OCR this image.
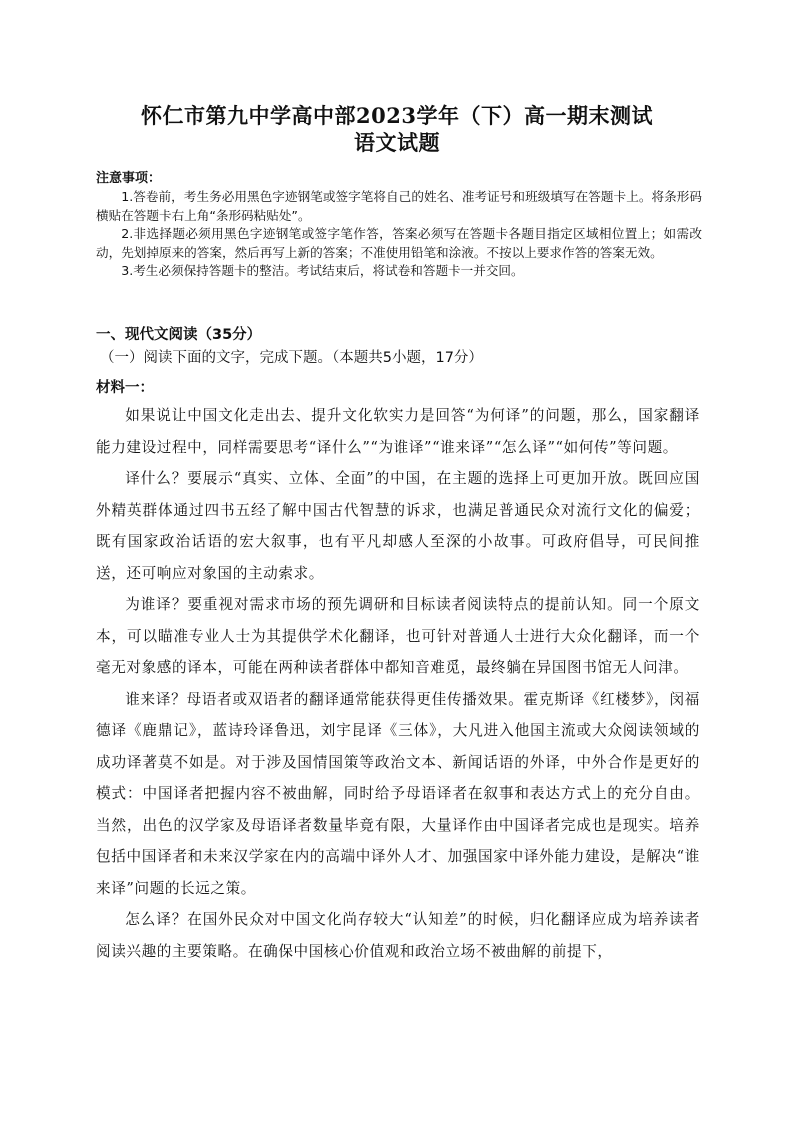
怀仁市第九中学高中部2023学年（下）高一期末测试
语文试题
注意事项：

1.答卷前，考生务必用黑色字迹钢笔或签字笔将自己的姓名、准考证号和班级填写在答题卡上。将条形码横贴在答题卡右上角“条形码粘贴处”。

2.非选择题必须用黑色字迹钢笔或签字笔作答，答案必须写在答题卡各题目指定区域相位置上；如需改动，先划掉原来的答案，然后再写上新的答案；不准使用铅笔和涂液。不按以上要求作答的答案无效。

3.考生必须保持答题卡的整洁。考试结束后，将试卷和答题卡一并交回。

一、现代文阅读（35分）
（一）阅读下面的文字，完成下题。（本题共5小题，17分）
材料一：

如果说让中国文化走出去、提升文化软实力是回答“为何译”的问题，那么，国家翻译能力建设过程中，同样需要思考“译什么”“为谁译”“谁来译”“怎么译”“如何传”等问题。

译什么？要展示“真实、立体、全面”的中国，在主题的选择上可更加开放。既回应国外精英群体通过四书五经了解中国古代智慧的诉求，也满足普通民众对流行文化的偏爱；既有国家政治话语的宏大叙事，也有平凡却感人至深的小故事。可政府倡导，可民间推送，还可响应对象国的主动索求。

为谁译？要重视对需求市场的预先调研和目标读者阅读特点的提前认知。同一个原文本，可以瞄准专业人士为其提供学术化翻译，也可针对普通人士进行大众化翻译，而一个毫无对象感的译本，可能在两种读者群体中都知音难觅，最终躺在异国图书馆无人问津。

谁来译？母语者或双语者的翻译通常能获得更佳传播效果。霍克斯译《红楼梦》，闵福德译《鹿鼎记》，蓝诗玲译鲁迅，刘宇昆译《三体》，大凡进入他国主流或大众阅读领域的成功译著莫不如是。对于涉及国情国策等政治文本、新闻话语的外译，中外合作是更好的模式：中国译者把握内容不被曲解，同时给予母语译者在叙事和表达方式上的充分自由。当然，出色的汉学家及母语译者数量毕竟有限，大量译作由中国译者完成也是现实。培养包括中国译者和未来汉学家在内的高端中译外人才、加强国家中译外能力建设，是解决“谁来译”问题的长远之策。

怎么译？在国外民众对中国文化尚存较大“认知差”的时候，归化翻译应成为培养读者阅读兴趣的主要策略。在确保中国核心价值观和政治立场不被曲解的前提下，
